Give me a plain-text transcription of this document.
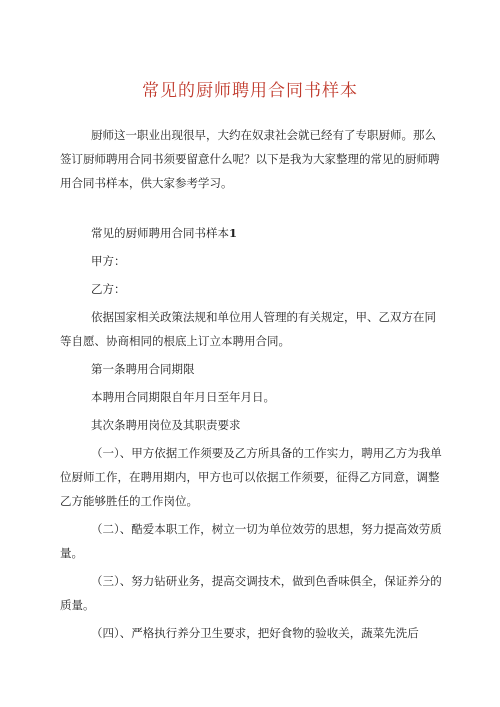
常见的厨师聘用合同书样本

厨师这一职业出现很早，大约在奴隶社会就已经有了专职厨师。那么签订厨师聘用合同书须要留意什么呢？以下是我为大家整理的常见的厨师聘用合同书样本，供大家参考学习。

常见的厨师聘用合同书样本1

甲方：

乙方：

依据国家相关政策法规和单位用人管理的有关规定，甲、乙双方在同等自愿、协商相同的根底上订立本聘用合同。

第一条聘用合同期限

本聘用合同期限自年月日至年月日。

其次条聘用岗位及其职责要求

（一）、甲方依据工作须要及乙方所具备的工作实力，聘用乙方为我单位厨师工作，在聘用期内，甲方也可以依据工作须要，征得乙方同意，调整乙方能够胜任的工作岗位。

（二）、酷爱本职工作，树立一切为单位效劳的思想，努力提高效劳质量。

（三）、努力钻研业务，提高交调技术，做到色香味俱全，保证养分的质量。

（四）、严格执行养分卫生要求，把好食物的验收关，蔬菜先洗后
